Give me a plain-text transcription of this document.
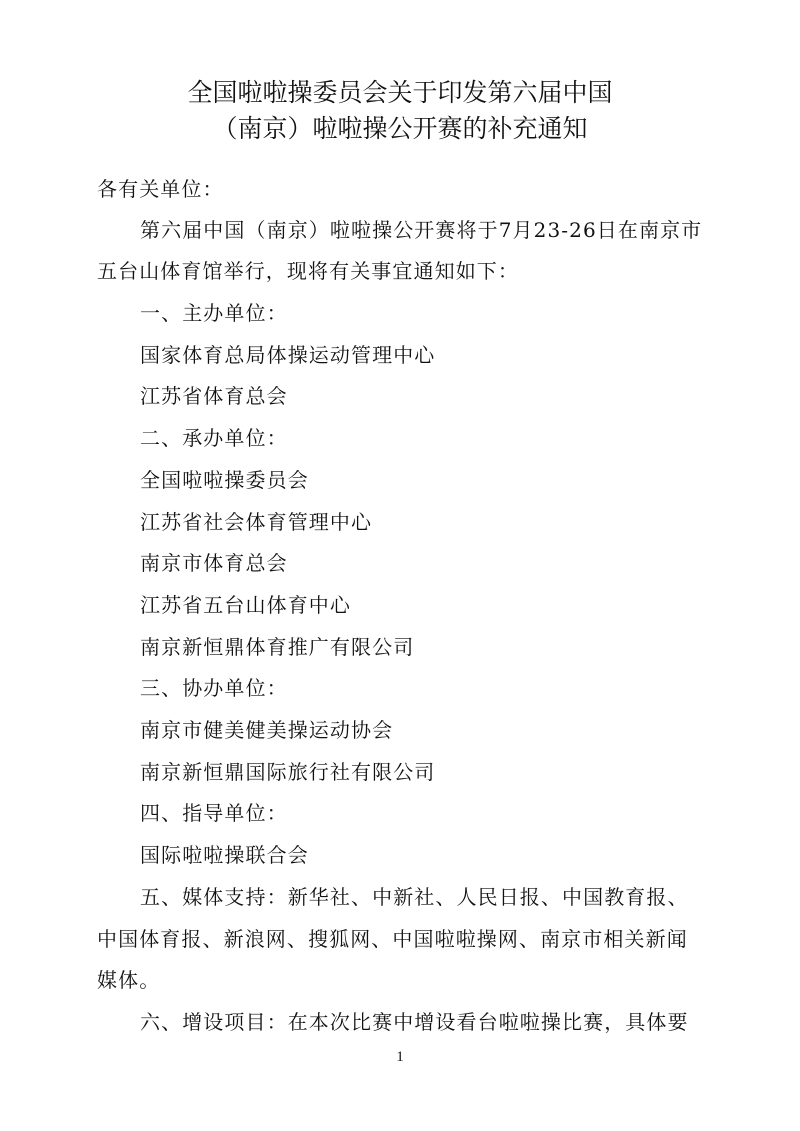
全国啦啦操委员会关于印发第六届中国
（南京）啦啦操公开赛的补充通知
各有关单位：
第六届中国（南京）啦啦操公开赛将于7月23-26日在南京市
五台山体育馆举行，现将有关事宜通知如下：
一、主办单位：
国家体育总局体操运动管理中心
江苏省体育总会
二、承办单位：
全国啦啦操委员会
江苏省社会体育管理中心
南京市体育总会
江苏省五台山体育中心
南京新恒鼎体育推广有限公司
三、协办单位：
南京市健美健美操运动协会
南京新恒鼎国际旅行社有限公司
四、指导单位：
国际啦啦操联合会
五、媒体支持：新华社、中新社、人民日报、中国教育报、
中国体育报、新浪网、搜狐网、中国啦啦操网、南京市相关新闻
媒体。
六、增设项目：在本次比赛中增设看台啦啦操比赛，具体要
1
